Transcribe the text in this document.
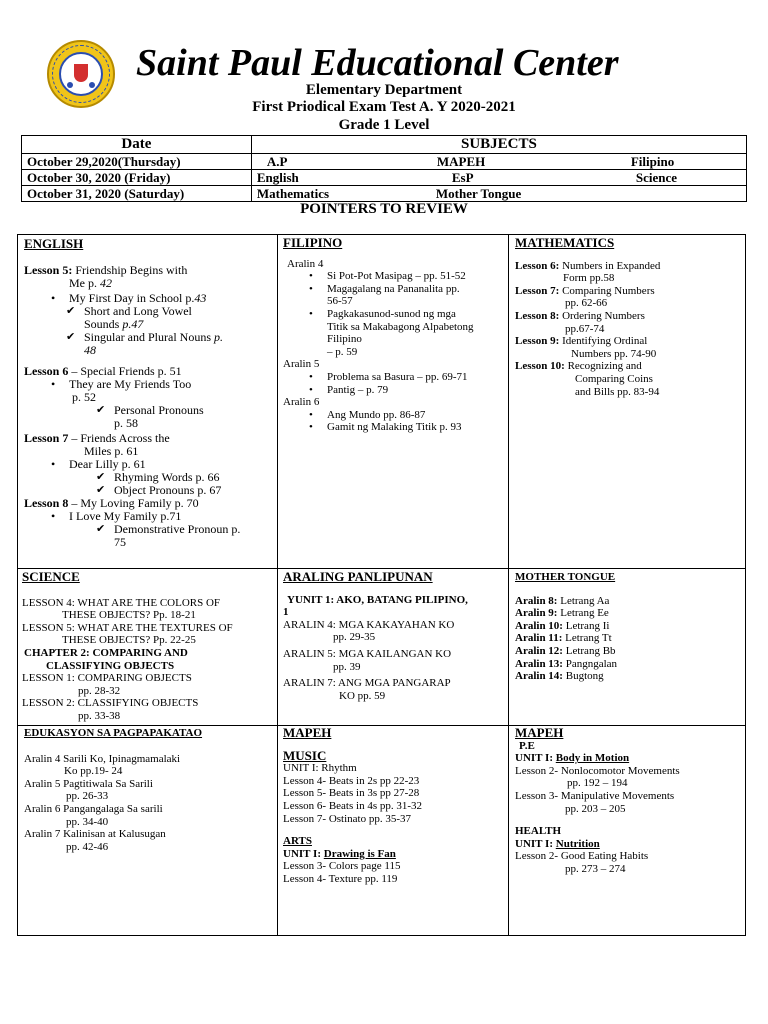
Saint Paul Educational Center
Elementary Department
First Priodical Exam Test A. Y 2020-2021
Grade 1 Level
Date	SUBJECTS
October 29,2020(Thursday)	A.P MAPEH Filipino

October 30, 2020 (Friday)	English EsP Science

October 31, 2020 (Saturday)	Mathematics Mother Tongue
POINTERS TO REVIEW

ENGLISH

Lesson 5: Friendship Begins with

Me p. 42

• My First Day in School p.43

✔ Short and Long Vowel

Sounds p.47

✔ Singular and Plural Nouns p.

48

Lesson 6 – Special Friends p. 51

• They are My Friends Too

p. 52

✔ Personal Pronouns

p. 58

Lesson 7 – Friends Across the

Miles p. 61

• Dear Lilly p. 61

✔ Rhyming Words p. 66

✔ Object Pronouns p. 67

Lesson 8 – My Loving Family p. 70

• I Love My Family p.71

✔ Demonstrative Pronoun p.

75

FILIPINO

Aralin 4

• Si Pot-Pot Masipag – pp. 51-52

• Magagalang na Pananalita pp.

56-57

• Pagkakasunod-sunod ng mga

Titik sa Makabagong Alpabetong

Filipino

– p. 59

Aralin 5

• Problema sa Basura – pp. 69-71

• Pantig – p. 79

Aralin 6

• Ang Mundo pp. 86-87

• Gamit ng Malaking Titik p. 93

MATHEMATICS

Lesson 6: Numbers in Expanded

Form pp.58

Lesson 7: Comparing Numbers

pp. 62-66

Lesson 8: Ordering Numbers

pp.67-74

Lesson 9: Identifying Ordinal

Numbers pp. 74-90

Lesson 10: Recognizing and

Comparing Coins

and Bills pp. 83-94

SCIENCE

LESSON 4: WHAT ARE THE COLORS OF

THESE OBJECTS? Pp. 18-21

LESSON 5: WHAT ARE THE TEXTURES OF

THESE OBJECTS? Pp. 22-25

CHAPTER 2: COMPARING AND

CLASSIFYING OBJECTS

LESSON 1: COMPARING OBJECTS

pp. 28-32

LESSON 2: CLASSIFYING OBJECTS

pp. 33-38

ARALING PANLIPUNAN

YUNIT 1: AKO, BATANG PILIPINO,

1

ARALIN 4: MGA KAKAYAHAN KO

pp. 29-35

ARALIN 5: MGA KAILANGAN KO

pp. 39

ARALIN 7: ANG MGA PANGARAP

KO pp. 59

MOTHER TONGUE

Aralin 8: Letrang Aa

Aralin 9: Letrang Ee

Aralin 10: Letrang Ii

Aralin 11: Letrang Tt

Aralin 12: Letrang Bb

Aralin 13: Pangngalan

Aralin 14: Bugtong

EDUKASYON SA PAGPAPAKATAO

Aralin 4 Sarili Ko, Ipinagmamalaki

Ko pp.19- 24

Aralin 5 Pagtitiwala Sa Sarili

pp. 26-33

Aralin 6 Pangangalaga Sa sarili

pp. 34-40

Aralin 7 Kalinisan at Kalusugan

pp. 42-46

MAPEH

MUSIC

UNIT I: Rhythm

Lesson 4- Beats in 2s pp 22-23

Lesson 5- Beats in 3s pp 27-28

Lesson 6- Beats in 4s pp. 31-32

Lesson 7- Ostinato pp. 35-37

ARTS

UNIT I: Drawing is Fan

Lesson 3- Colors page 115

Lesson 4- Texture pp. 119

MAPEH

P.E

UNIT I: Body in Motion

Lesson 2- Nonlocomotor Movements

pp. 192 – 194

Lesson 3- Manipulative Movements

pp. 203 – 205

HEALTH

UNIT I: Nutrition

Lesson 2- Good Eating Habits

pp. 273 – 274
